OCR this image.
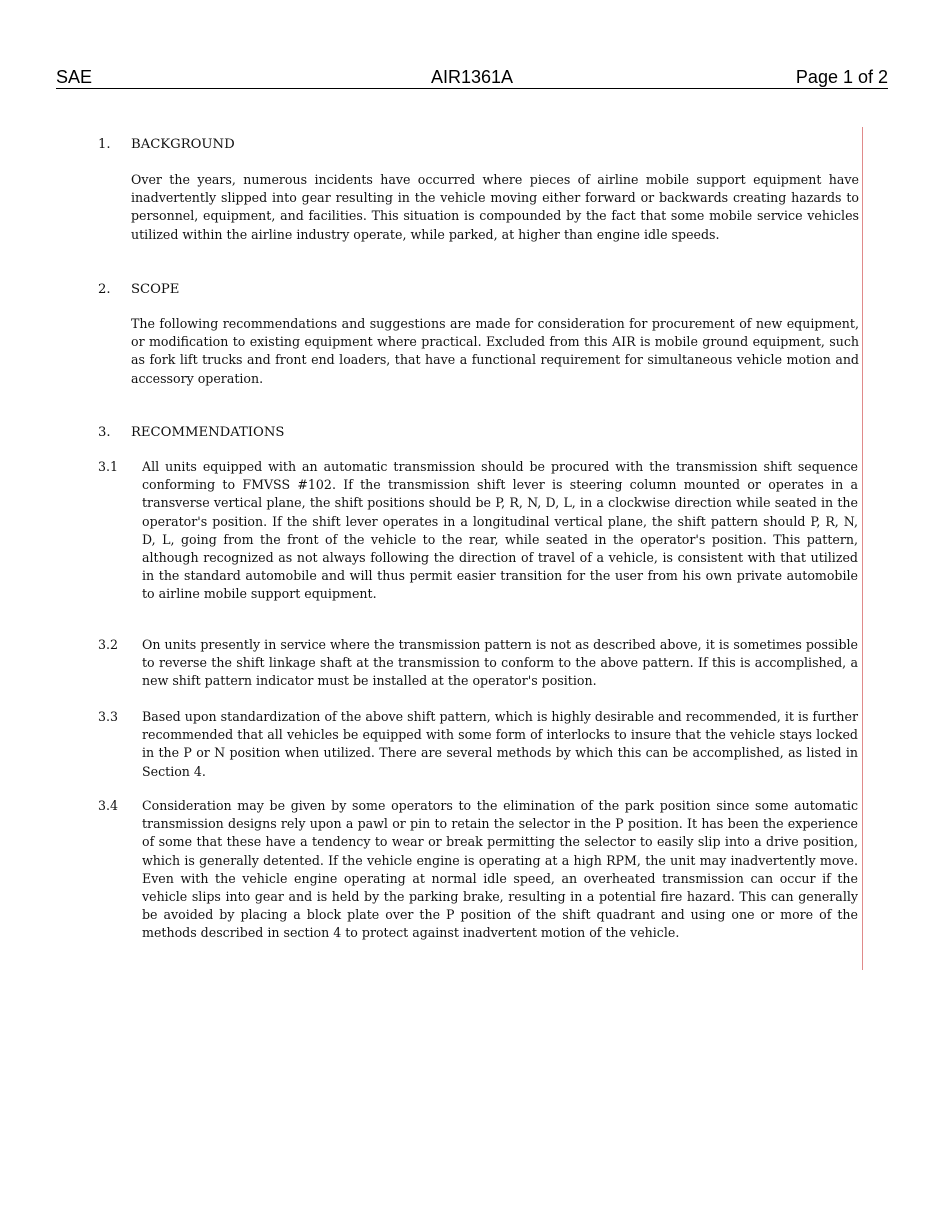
SAE	AIR1361A	Page 1 of 2
1. BACKGROUND

Over the years, numerous incidents have occurred where pieces of airline mobile support equipment have inadvertently slipped into gear resulting in the vehicle moving either forward or backwards creating hazards to personnel, equipment, and facilities. This situation is compounded by the fact that some mobile service vehicles utilized within the airline industry operate, while parked, at higher than engine idle speeds.

2. SCOPE

The following recommendations and suggestions are made for consideration for procurement of new equipment, or modification to existing equipment where practical. Excluded from this AIR is mobile ground equipment, such as fork lift trucks and front end loaders, that have a functional requirement for simultaneous vehicle motion and accessory operation.

3. RECOMMENDATIONS
3.1 All units equipped with an automatic transmission should be procured with the transmission shift sequence conforming to FMVSS #102. If the transmission shift lever is steering column mounted or operates in a transverse vertical plane, the shift positions should be P, R, N, D, L, in a clockwise direction while seated in the operator's position. If the shift lever operates in a longitudinal vertical plane, the shift pattern should P, R, N, D, L, going from the front of the vehicle to the rear, while seated in the operator's position. This pattern, although recognized as not always following the direction of travel of a vehicle, is consistent with that utilized in the standard automobile and will thus permit easier transition for the user from his own private automobile to airline mobile support equipment.

3.2 On units presently in service where the transmission pattern is not as described above, it is sometimes possible to reverse the shift linkage shaft at the transmission to conform to the above pattern. If this is accomplished, a new shift pattern indicator must be installed at the operator's position.

3.3 Based upon standardization of the above shift pattern, which is highly desirable and recommended, it is further recommended that all vehicles be equipped with some form of interlocks to insure that the vehicle stays locked in the P or N position when utilized. There are several methods by which this can be accomplished, as listed in Section 4.

3.4 Consideration may be given by some operators to the elimination of the park position since some automatic transmission designs rely upon a pawl or pin to retain the selector in the P position. It has been the experience of some that these have a tendency to wear or break permitting the selector to easily slip into a drive position, which is generally detented. If the vehicle engine is operating at a high RPM, the unit may inadvertently move. Even with the vehicle engine operating at normal idle speed, an overheated transmission can occur if the vehicle slips into gear and is held by the parking brake, resulting in a potential fire hazard. This can generally be avoided by placing a block plate over the P position of the shift quadrant and using one or more of the methods described in section 4 to protect against inadvertent motion of the vehicle.
